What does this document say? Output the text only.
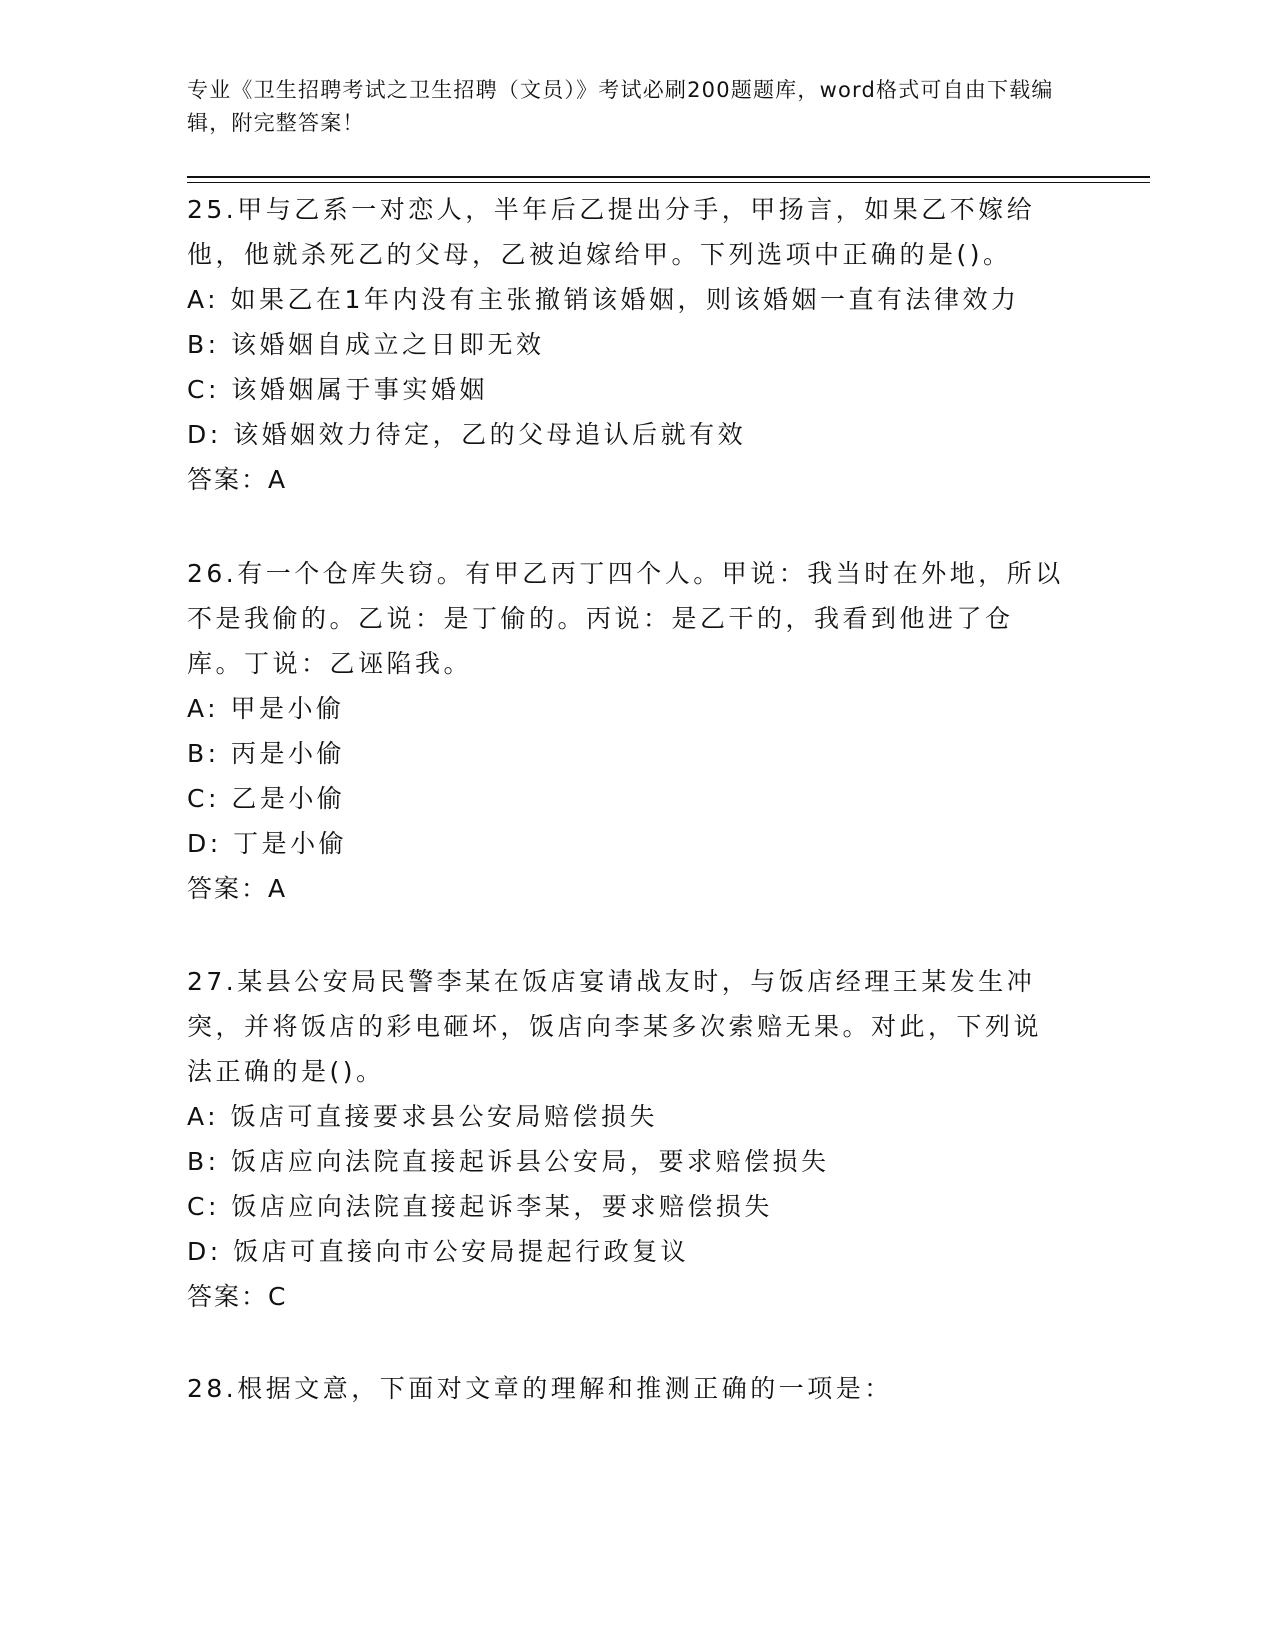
专业《卫生招聘考试之卫生招聘（文员）》考试必刷200题题库，word格式可自由下载编辑，附完整答案！
25.甲与乙系一对恋人，半年后乙提出分手，甲扬言，如果乙不嫁给他，他就杀死乙的父母，乙被迫嫁给甲。下列选项中正确的是()。
A: 如果乙在1年内没有主张撤销该婚姻，则该婚姻一直有法律效力
B: 该婚姻自成立之日即无效
C: 该婚姻属于事实婚姻
D: 该婚姻效力待定，乙的父母追认后就有效
答案：A
26.有一个仓库失窃。有甲乙丙丁四个人。甲说：我当时在外地，所以不是我偷的。乙说：是丁偷的。丙说：是乙干的，我看到他进了仓库。丁说：乙诬陷我。
A: 甲是小偷
B: 丙是小偷
C: 乙是小偷
D: 丁是小偷
答案：A
27.某县公安局民警李某在饭店宴请战友时，与饭店经理王某发生冲突，并将饭店的彩电砸坏，饭店向李某多次索赔无果。对此，下列说法正确的是()。
A: 饭店可直接要求县公安局赔偿损失
B: 饭店应向法院直接起诉县公安局，要求赔偿损失
C: 饭店应向法院直接起诉李某，要求赔偿损失
D: 饭店可直接向市公安局提起行政复议
答案：C
28.根据文意，下面对文章的理解和推测正确的一项是：
